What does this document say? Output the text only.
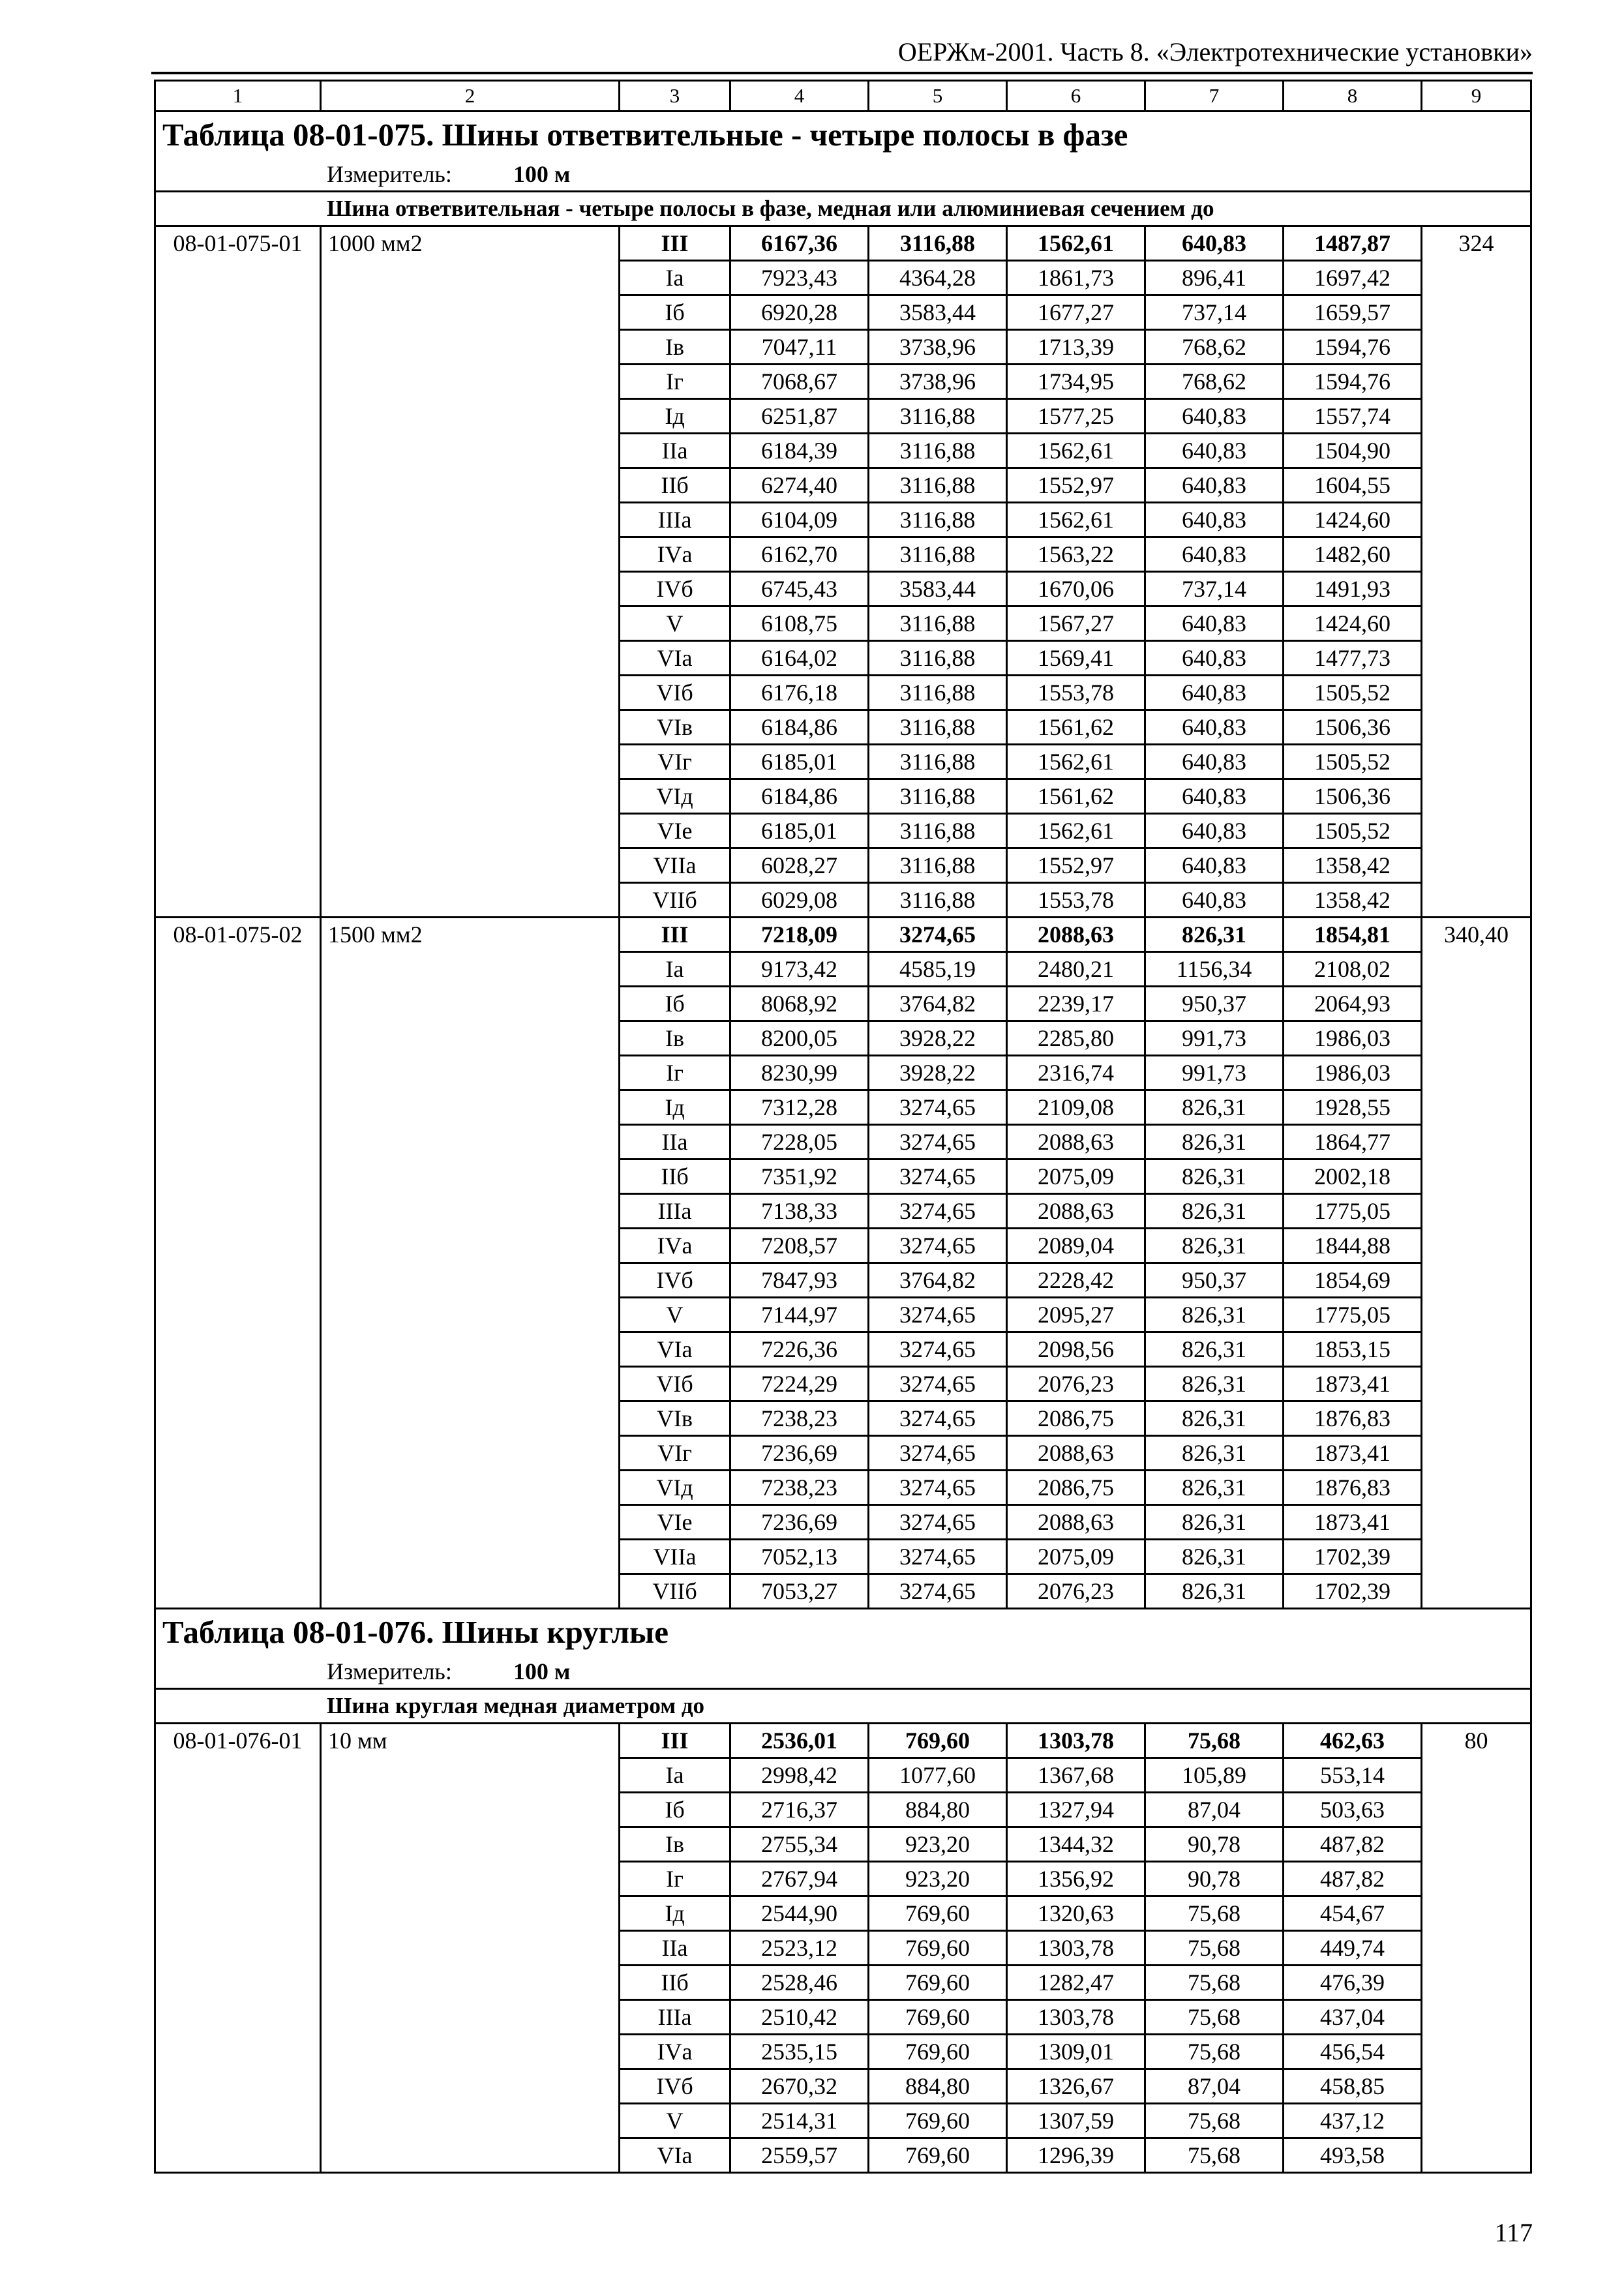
ОЕРЖм-2001. Часть 8. «Электротехнические установки»
1	2	3	4	5	6	7	8	9
Таблица 08-01-075. Шины ответвительные - четыре полосы в фазе								
Измеритель: 100 м								
Шина ответвительная - четыре полосы в фазе, медная или алюминиевая сечением до								
08-01-075-01	1000 мм2	III	6167,36	3116,88	1562,61	640,83	1487,87	324
		Iа	7923,43	4364,28	1861,73	896,41	1697,42	
		Iб	6920,28	3583,44	1677,27	737,14	1659,57	
		Iв	7047,11	3738,96	1713,39	768,62	1594,76	
		Iг	7068,67	3738,96	1734,95	768,62	1594,76	
		Iд	6251,87	3116,88	1577,25	640,83	1557,74	
		IIа	6184,39	3116,88	1562,61	640,83	1504,90	
		IIб	6274,40	3116,88	1552,97	640,83	1604,55	
		IIIа	6104,09	3116,88	1562,61	640,83	1424,60	
		IVа	6162,70	3116,88	1563,22	640,83	1482,60	
		IVб	6745,43	3583,44	1670,06	737,14	1491,93	
		V	6108,75	3116,88	1567,27	640,83	1424,60	
		VIа	6164,02	3116,88	1569,41	640,83	1477,73	
		VIб	6176,18	3116,88	1553,78	640,83	1505,52	
		VIв	6184,86	3116,88	1561,62	640,83	1506,36	
		VIг	6185,01	3116,88	1562,61	640,83	1505,52	
		VIд	6184,86	3116,88	1561,62	640,83	1506,36	
		VIе	6185,01	3116,88	1562,61	640,83	1505,52	
		VIIа	6028,27	3116,88	1552,97	640,83	1358,42	
		VIIб	6029,08	3116,88	1553,78	640,83	1358,42	
08-01-075-02	1500 мм2	III	7218,09	3274,65	2088,63	826,31	1854,81	340,40
		Iа	9173,42	4585,19	2480,21	1156,34	2108,02	
		Iб	8068,92	3764,82	2239,17	950,37	2064,93	
		Iв	8200,05	3928,22	2285,80	991,73	1986,03	
		Iг	8230,99	3928,22	2316,74	991,73	1986,03	
		Iд	7312,28	3274,65	2109,08	826,31	1928,55	
		IIа	7228,05	3274,65	2088,63	826,31	1864,77	
		IIб	7351,92	3274,65	2075,09	826,31	2002,18	
		IIIа	7138,33	3274,65	2088,63	826,31	1775,05	
		IVа	7208,57	3274,65	2089,04	826,31	1844,88	
		IVб	7847,93	3764,82	2228,42	950,37	1854,69	
		V	7144,97	3274,65	2095,27	826,31	1775,05	
		VIа	7226,36	3274,65	2098,56	826,31	1853,15	
		VIб	7224,29	3274,65	2076,23	826,31	1873,41	
		VIв	7238,23	3274,65	2086,75	826,31	1876,83	
		VIг	7236,69	3274,65	2088,63	826,31	1873,41	
		VIд	7238,23	3274,65	2086,75	826,31	1876,83	
		VIе	7236,69	3274,65	2088,63	826,31	1873,41	
		VIIа	7052,13	3274,65	2075,09	826,31	1702,39	
		VIIб	7053,27	3274,65	2076,23	826,31	1702,39	
Таблица 08-01-076. Шины круглые								
Измеритель: 100 м								
Шина круглая медная диаметром до								
08-01-076-01	10 мм	III	2536,01	769,60	1303,78	75,68	462,63	80
		Iа	2998,42	1077,60	1367,68	105,89	553,14	
		Iб	2716,37	884,80	1327,94	87,04	503,63	
		Iв	2755,34	923,20	1344,32	90,78	487,82	
		Iг	2767,94	923,20	1356,92	90,78	487,82	
		Iд	2544,90	769,60	1320,63	75,68	454,67	
		IIа	2523,12	769,60	1303,78	75,68	449,74	
		IIб	2528,46	769,60	1282,47	75,68	476,39	
		IIIа	2510,42	769,60	1303,78	75,68	437,04	
		IVа	2535,15	769,60	1309,01	75,68	456,54	
		IVб	2670,32	884,80	1326,67	87,04	458,85	
		V	2514,31	769,60	1307,59	75,68	437,12	
		VIа	2559,57	769,60	1296,39	75,68	493,58	
117
